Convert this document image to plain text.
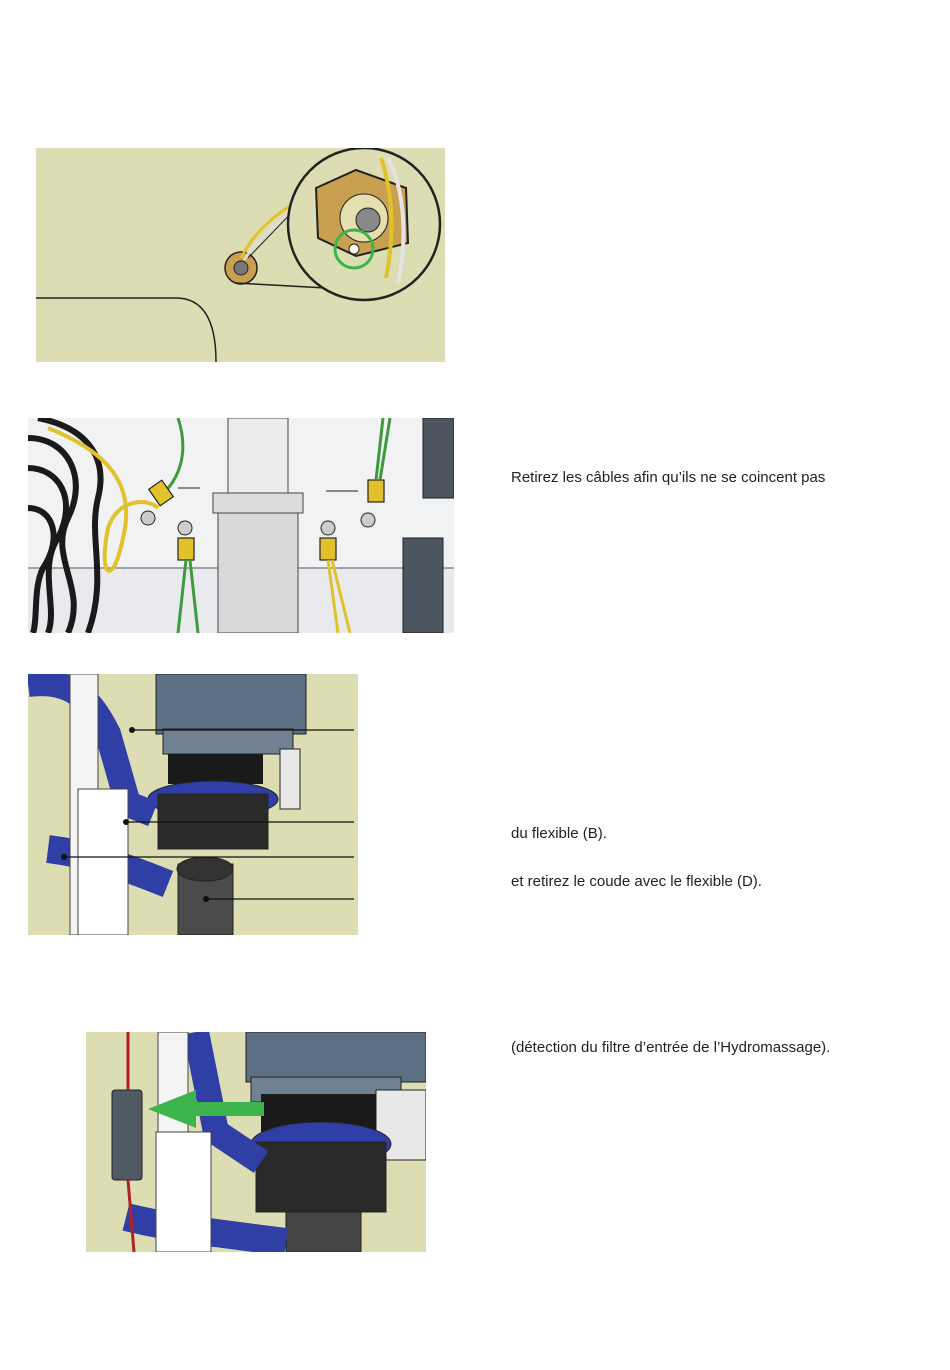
Retirez les câbles afin qu’ils ne se coincent pas
du flexible (B).
et retirez le coude avec le flexible (D).
(détection du filtre d’entrée de l’Hydromassage).
